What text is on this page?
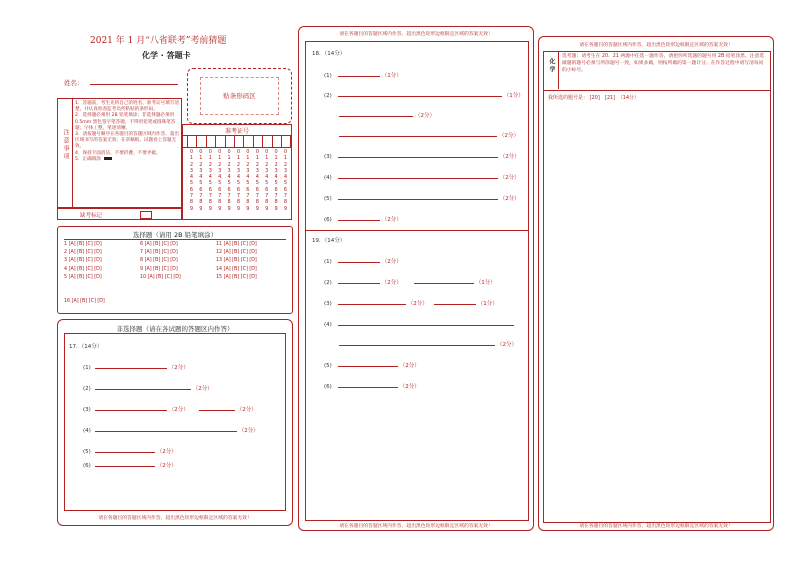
2021 年 1 月“八省联考”考前猜题
化学 · 答题卡
姓名：
贴条形码区
注意事项
1．答题前，考生先将自己的姓名、准考证号填写清楚，并认真检查监考员所粘贴的条形码。
2．选择题必须用 2B 铅笔填涂；非选择题必须用 0.5mm 黑色签字笔答题，不得用铅笔或圆珠笔答题；字体工整、笔迹清晰。
3．请按题号顺序在各题目的答题区域内作答，超出区域书写的答案无效；在草稿纸、试题卷上答题无效。
4．保持卡面清洁，不要折叠、不要弄破。
5．正确填涂
缺考标记
准考证号
0
1
2
3
4
5
6
7
8
9
0
1
2
3
4
5
6
7
8
9
0
1
2
3
4
5
6
7
8
9
0
1
2
3
4
5
6
7
8
9
0
1
2
3
4
5
6
7
8
9
0
1
2
3
4
5
6
7
8
9
0
1
2
3
4
5
6
7
8
9
0
1
2
3
4
5
6
7
8
9
0
1
2
3
4
5
6
7
8
9
0
1
2
3
4
5
6
7
8
9
0
1
2
3
4
5
6
7
8
9
选择题（请用 2B 铅笔填涂）
1 [A] [B] [C] [D]
2 [A] [B] [C] [D]
3 [A] [B] [C] [D]
4 [A] [B] [C] [D]
5 [A] [B] [C] [D]
6 [A] [B] [C] [D]
7 [A] [B] [C] [D]
8 [A] [B] [C] [D]
9 [A] [B] [C] [D]
10 [A] [B] [C] [D]
11 [A] [B] [C] [D]
12 [A] [B] [C] [D]
13 [A] [B] [C] [D]
14 [A] [B] [C] [D]
15 [A] [B] [C] [D]
16 [A] [B] [C] [D]
非选择题（请在各试题的答题区内作答）
17．（14分）
(1)	（2分）
(2)	（2分）
(3)	（2分）	（2分）
(4)	（2分）
(5)	（2分）
(6)	（2分）
请在各题目的答题区域内作答，超出黑色矩形边框限定区域的答案无效！
请在各题目的答题区域内作答，超出黑色矩形边框限定区域的答案无效！
18．（14分）
(1)	（1分）
(2)	（1分）
（2分）
（2分）
(3)	（2分）
(4)	（2分）
(5)	（2分）
(6)	（2分）
19．（14分）
(1)	（2分）
(2)	（2分）	（1分）
(3)	（2分）	（1分）
(4)
（2分）
(5)	（2分）
(6)	（2分）
请在各题目的答题区域内作答，超出黑色矩形边框限定区域的答案无效！
请在各题目的答题区域内作答，超出黑色矩形边框限定区域的答案无效！
化学
选考题：请考生在 20、21 两题中任选一题作答，请把你所选题的题号用 2B 铅笔涂黑。注意选做题的题号必须与所涂题号一致，如果多做，则按所做的第一题计分。在作答过程中请写清每问的小标号。
我所选的题号是： [20]　[21]　（14分）
请在各题目的答题区域内作答，超出黑色矩形边框限定区域的答案无效！
